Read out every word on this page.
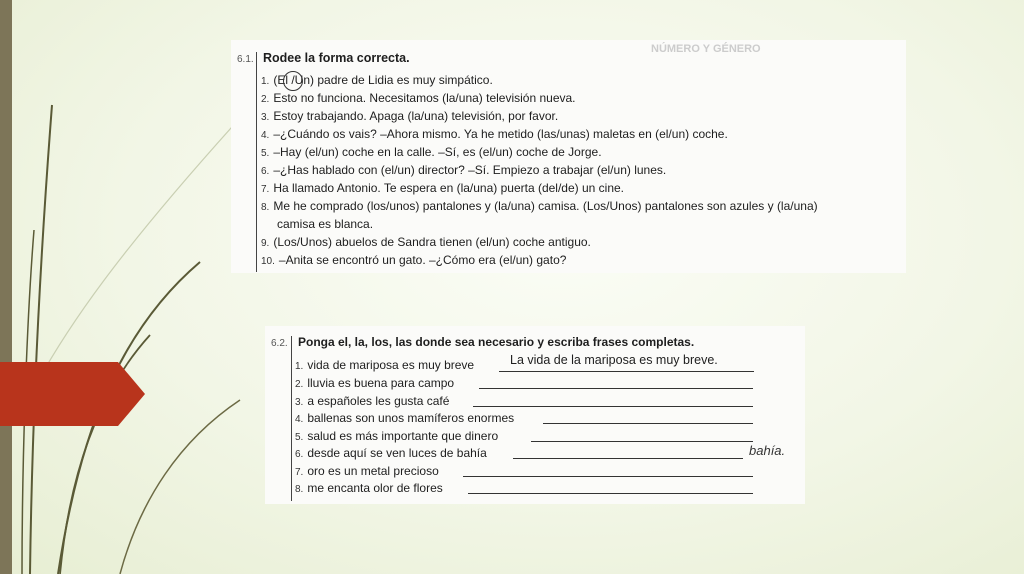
NÚMERO Y GÉNERO
6.1. Rodee la forma correcta.
1. (El /Un) padre de Lidia es muy simpático.
2. Esto no funciona. Necesitamos (la/una) televisión nueva.
3. Estoy trabajando. Apaga (la/una) televisión, por favor.
4. –¿Cuándo os vais? –Ahora mismo. Ya he metido (las/unas) maletas en (el/un) coche.
5. –Hay (el/un) coche en la calle. –Sí, es (el/un) coche de Jorge.
6. –¿Has hablado con (el/un) director? –Sí. Empiezo a trabajar (el/un) lunes.
7. Ha llamado Antonio. Te espera en (la/una) puerta (del/de) un cine.
8. Me he comprado (los/unos) pantalones y (la/una) camisa. (Los/Unos) pantalones son azules y (la/una)
camisa es blanca.
9. (Los/Unos) abuelos de Sandra tienen (el/un) coche antiguo.
10. –Anita se encontró un gato. –¿Cómo era (el/un) gato?
6.2. Ponga el, la, los, las donde sea necesario y escriba frases completas.
1. vida de mariposa es muy breve	La vida de la mariposa es muy breve.
2. lluvia es buena para campo
3. a españoles les gusta café
4. ballenas son unos mamíferos enormes
5. salud es más importante que dinero
6. desde aquí se ven luces de bahía	bahía.
7. oro es un metal precioso
8. me encanta olor de flores
